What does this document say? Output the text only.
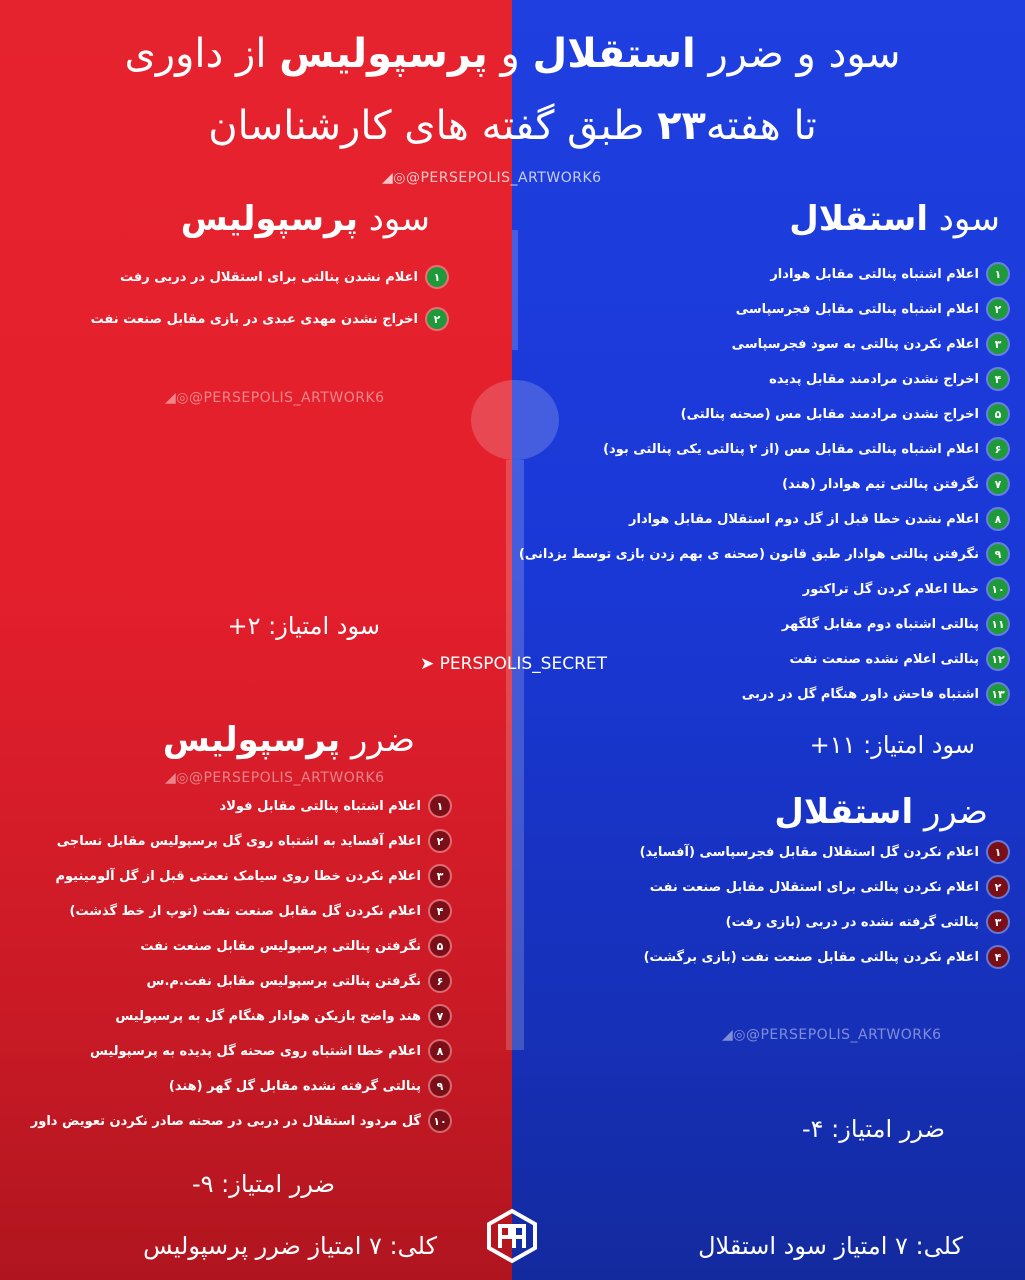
سود و ضرر استقلال و پرسپولیس از داوری
تا هفته۲۳ طبق گفته های کارشناسان
◢◎@PERSEPOLIS_ARTWORK6
◢◎@PERSEPOLIS_ARTWORK6
◢◎@PERSEPOLIS_ARTWORK6
◢◎@PERSEPOLIS_ARTWORK6
➤ PERSPOLIS_SECRET
سود پرسپولیس
۱
اعلام نشدن پنالتی برای استقلال در دربی رفت
۲
اخراج نشدن مهدی عبدی در بازی مقابل صنعت نفت
سود امتیاز: ۲+
سود استقلال
۱
اعلام اشتباه پنالتی مقابل هوادار
۲
اعلام اشتباه پنالتی مقابل فجرسپاسی
۳
اعلام نکردن پنالتی به سود فجرسپاسی
۴
اخراج نشدن مرادمند مقابل پدیده
۵
اخراج نشدن مرادمند مقابل مس (صحنه پنالتی)
۶
اعلام اشتباه پنالتی مقابل مس (از ۲ پنالتی یکی پنالتی بود)
۷
نگرفتن پنالتی تیم هوادار (هند)
۸
اعلام نشدن خطا قبل از گل دوم استقلال مقابل هوادار
۹
نگرفتن پنالتی هوادار طبق قانون (صحنه ی بهم زدن بازی توسط یزدانی)
۱۰
خطا اعلام کردن گل تراکتور
۱۱
پنالتی اشتباه دوم مقابل گلگهر
۱۲
پنالتی اعلام نشده صنعت نفت
۱۳
اشتباه فاحش داور هنگام گل در دربی
سود امتیاز: ۱۱+
ضرر پرسپولیس
۱
اعلام اشتباه پنالتی مقابل فولاد
۲
اعلام آفساید به اشتباه روی گل پرسپولیس مقابل نساجی
۳
اعلام نکردن خطا روی سیامک نعمتی قبل از گل آلومینیوم
۴
اعلام نکردن گل مقابل صنعت نفت (توپ از خط گذشت)
۵
نگرفتن پنالتی پرسپولیس مقابل صنعت نفت
۶
نگرفتن پنالتی پرسپولیس مقابل نفت.م.س
۷
هند واضح بازیکن هوادار هنگام گل به پرسپولیس
۸
اعلام خطا اشتباه روی صحنه گل پدیده به پرسپولیس
۹
پنالتی گرفته نشده مقابل گل گهر (هند)
۱۰
گل مردود استقلال در دربی در صحنه صادر نکردن تعویض داور
ضرر امتیاز: ۹-
ضرر استقلال
۱
اعلام نکردن گل استقلال مقابل فجرسپاسی (آفساید)
۲
اعلام نکردن پنالتی برای استقلال مقابل صنعت نفت
۳
پنالتی گرفته نشده در دربی (بازی رفت)
۴
اعلام نکردن پنالتی مقابل صنعت نفت (بازی برگشت)
ضرر امتیاز: ۴-
کلی: ۷ امتیاز ضرر پرسپولیس	کلی: ۷ امتیاز سود استقلال
